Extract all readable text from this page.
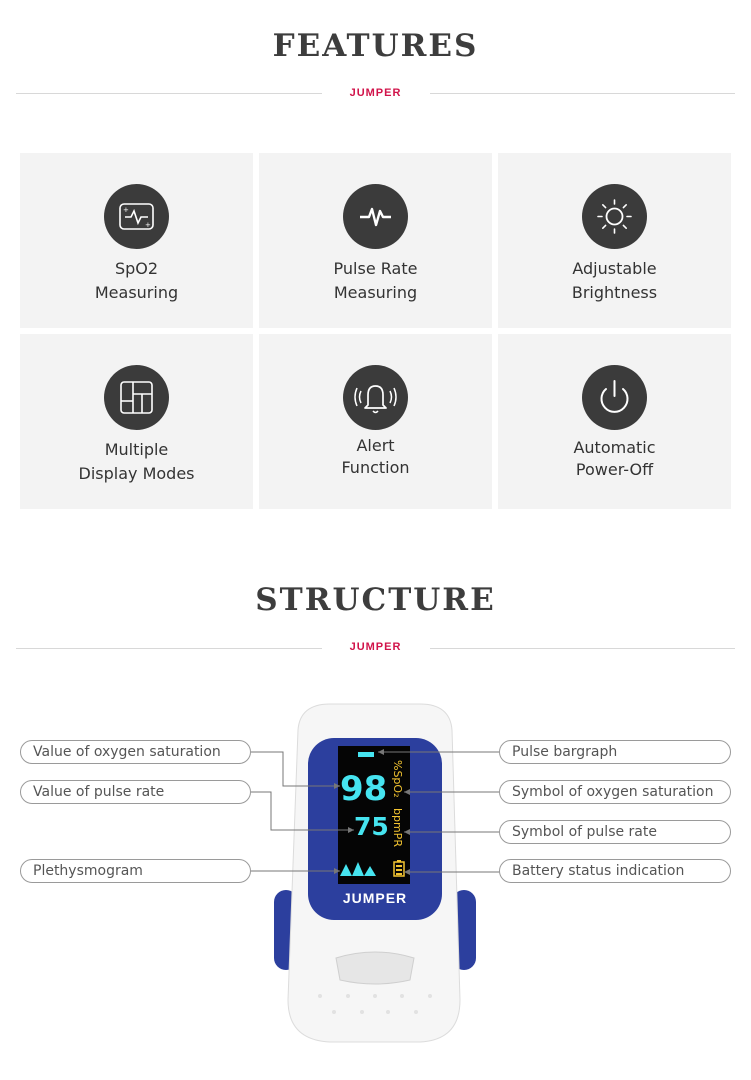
FEATURES
JUMPER
+
+
SpO2
Measuring
Pulse Rate
Measuring
Adjustable
Brightness
Multiple
Display Modes
Alert
Function
Automatic
Power-Off
STRUCTURE
JUMPER
98
75
%SpO₂
bpmPR
JUMPER
Value of oxygen saturation
Value of pulse rate
Plethysmogram
Pulse bargraph
Symbol of oxygen saturation
Symbol of pulse rate
Battery status indication
